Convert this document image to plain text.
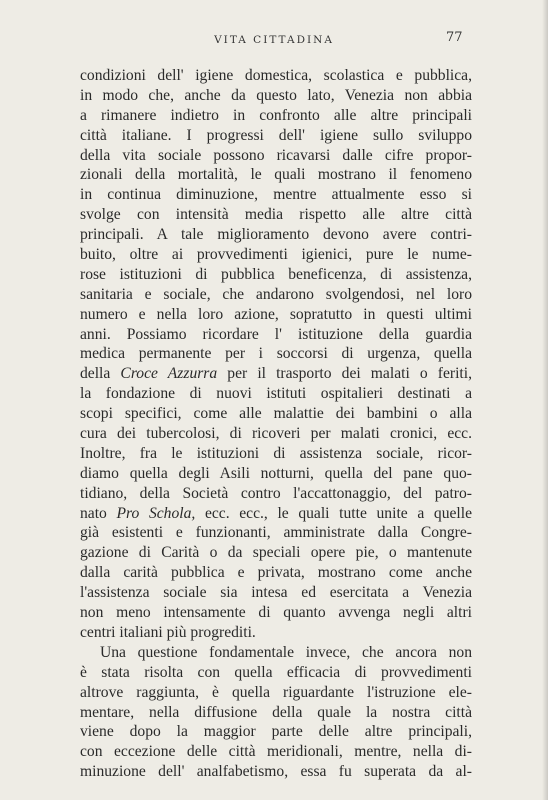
VITA CITTADINA	77
condizioni dell' igiene domestica, scolastica e pubblica,
in modo che, anche da questo lato, Venezia non abbia
a rimanere indietro in confronto alle altre principali
città italiane. I progressi dell' igiene sullo sviluppo
della vita sociale possono ricavarsi dalle cifre propor-
zionali della mortalità, le quali mostrano il fenomeno
in continua diminuzione, mentre attualmente esso si
svolge con intensità media rispetto alle altre città
principali. A tale miglioramento devono avere contri-
buito, oltre ai provvedimenti igienici, pure le nume-
rose istituzioni di pubblica beneficenza, di assistenza,
sanitaria e sociale, che andarono svolgendosi, nel loro
numero e nella loro azione, sopratutto in questi ultimi
anni. Possiamo ricordare l' istituzione della guardia
medica permanente per i soccorsi di urgenza, quella
della Croce Azzurra per il trasporto dei malati o feriti,
la fondazione di nuovi istituti ospitalieri destinati a
scopi specifici, come alle malattie dei bambini o alla
cura dei tubercolosi, di ricoveri per malati cronici, ecc.
Inoltre, fra le istituzioni di assistenza sociale, ricor-
diamo quella degli Asili notturni, quella del pane quo-
tidiano, della Società contro l'accattonaggio, del patro-
nato Pro Schola, ecc. ecc., le quali tutte unite a quelle
già esistenti e funzionanti, amministrate dalla Congre-
gazione di Carità o da speciali opere pie, o mantenute
dalla carità pubblica e privata, mostrano come anche
l'assistenza sociale sia intesa ed esercitata a Venezia
non meno intensamente di quanto avvenga negli altri
centri italiani più progrediti.
Una questione fondamentale invece, che ancora non
è stata risolta con quella efficacia di provvedimenti
altrove raggiunta, è quella riguardante l'istruzione ele-
mentare, nella diffusione della quale la nostra città
viene dopo la maggior parte delle altre principali,
con eccezione delle città meridionali, mentre, nella di-
minuzione dell' analfabetismo, essa fu superata da al-
